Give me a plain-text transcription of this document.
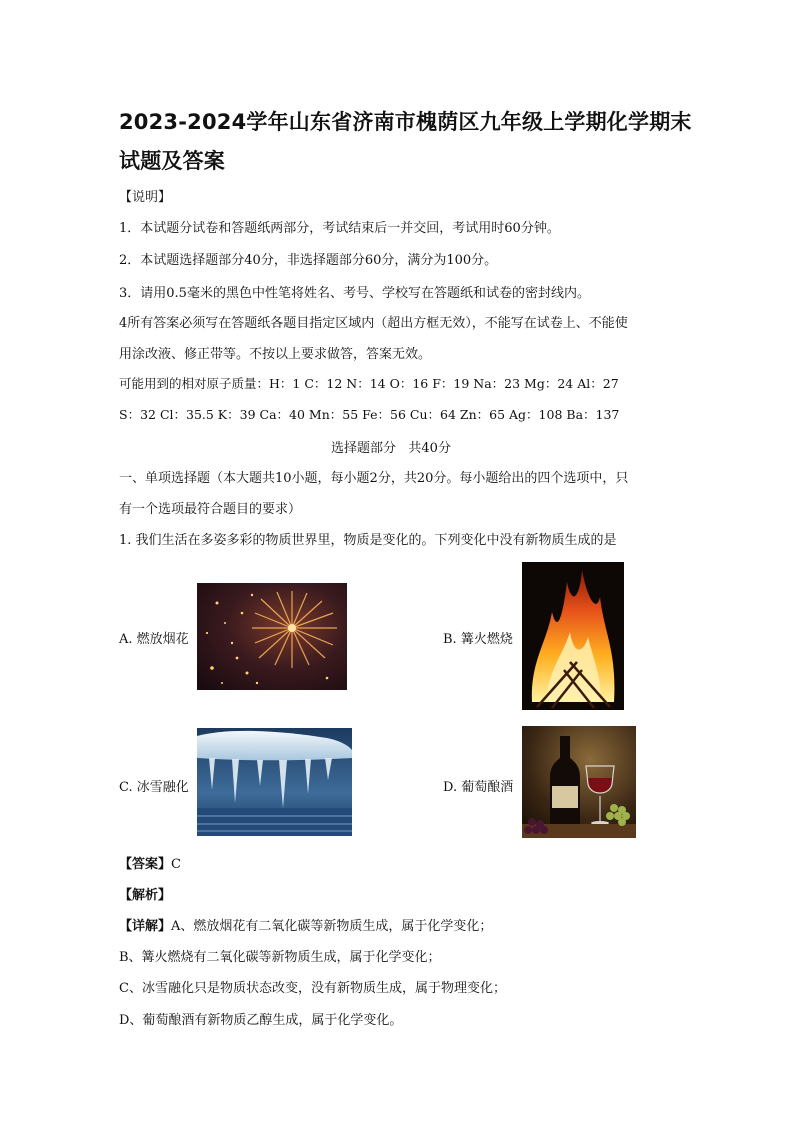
2023-2024学年山东省济南市槐荫区九年级上学期化学期末
试题及答案
【说明】
1．本试题分试卷和答题纸两部分，考试结束后一并交回，考试用时60分钟。
2．本试题选择题部分40分，非选择题部分60分，满分为100分。
3．请用0.5毫米的黑色中性笔将姓名、考号、学校写在答题纸和试卷的密封线内。
4所有答案必须写在答题纸各题目指定区域内（超出方框无效），不能写在试卷上、不能使
用涂改液、修正带等。不按以上要求做答，答案无效。
可能用到的相对原子质量：H：1 C：12 N：14 O：16 F：19 Na：23 Mg：24 Al：27
S：32 Cl：35.5 K：39 Ca：40 Mn：55 Fe：56 Cu：64 Zn：65 Ag：108 Ba：137
选择题部分   共40分
一、单项选择题（本大题共10小题，每小题2分，共20分。每小题给出的四个选项中，只
有一个选项最符合题目的要求）
1. 我们生活在多姿多彩的物质世界里，物质是变化的。下列变化中没有新物质生成的是
A. 燃放烟花	B. 篝火燃烧
C. 冰雪融化	D. 葡萄酿酒
【答案】C
【解析】
【详解】A、燃放烟花有二氧化碳等新物质生成，属于化学变化；
B、篝火燃烧有二氧化碳等新物质生成，属于化学变化；
C、冰雪融化只是物质状态改变，没有新物质生成，属于物理变化；
D、葡萄酿酒有新物质乙醇生成，属于化学变化。
